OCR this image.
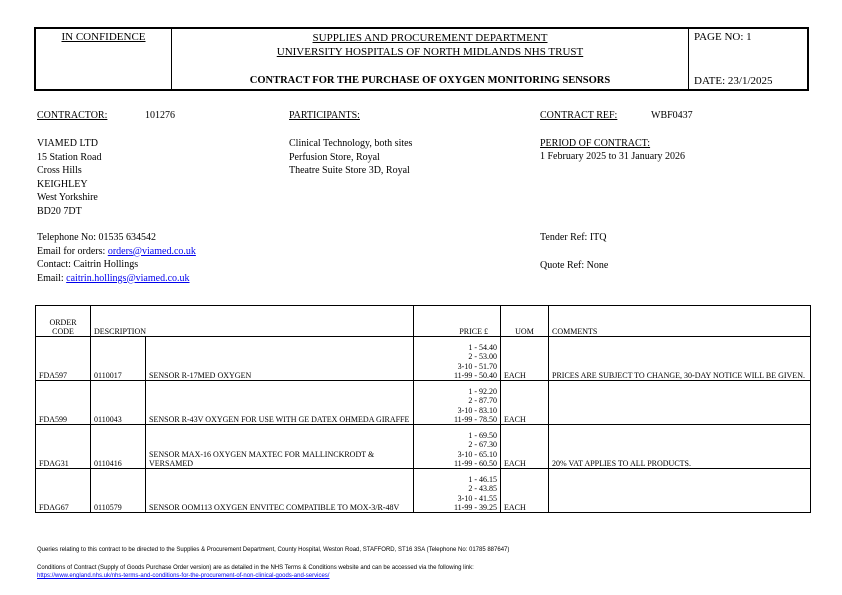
IN CONFIDENCE	SUPPLIES AND PROCUREMENT DEPARTMENT
UNIVERSITY HOSPITALS OF NORTH MIDLANDS NHS TRUST
CONTRACT FOR THE PURCHASE OF OXYGEN MONITORING SENSORS
PAGE NO: 1
DATE: 23/1/2025
CONTRACTOR:	101276
VIAMED LTD
15 Station Road
Cross Hills
KEIGHLEY
West Yorkshire
BD20 7DT
Telephone No: 01535 634542
Email for orders: orders@viamed.co.uk
Contact: Caitrin Hollings
Email: caitrin.hollings@viamed.co.uk
PARTICIPANTS:
Clinical Technology, both sites
Perfusion Store, Royal
Theatre Suite Store 3D, Royal
CONTRACT REF:	WBF0437
PERIOD OF CONTRACT:
1 February 2025 to 31 January 2026
Tender Ref: ITQ
Quote Ref: None
ORDER CODE	DESCRIPTION		PRICE £	UOM	COMMENTS
FDA597	0110017	SENSOR R-17MED OXYGEN	1 - 54.40
2 - 53.00
3-10 - 51.70
11-99 - 50.40	EACH	PRICES ARE SUBJECT TO CHANGE, 30-DAY NOTICE WILL BE GIVEN.
FDA599	0110043	SENSOR R-43V OXYGEN FOR USE WITH GE DATEX OHMEDA GIRAFFE	1 - 92.20
2 - 87.70
3-10 - 83.10
11-99 - 78.50	EACH	
FDAG31	0110416	SENSOR MAX-16 OXYGEN MAXTEC FOR MALLINCKRODT & VERSAMED	1 - 69.50
2 - 67.30
3-10 - 65.10
11-99 - 60.50	EACH	20% VAT APPLIES TO ALL PRODUCTS.
FDAG67	0110579	SENSOR OOM113 OXYGEN ENVITEC COMPATIBLE TO MOX-3/R-48V	1 - 46.15
2 - 43.85
3-10 - 41.55
11-99 - 39.25	EACH	
Queries relating to this contract to be directed to the Supplies & Procurement Department, County Hospital, Weston Road, STAFFORD, ST16 3SA (Telephone No: 01785 887647)
Conditions of Contract (Supply of Goods Purchase Order version) are as detailed in the NHS Terms & Conditions website and can be accessed via the following link:
https://www.england.nhs.uk/nhs-terms-and-conditions-for-the-procurement-of-non-clinical-goods-and-services/
